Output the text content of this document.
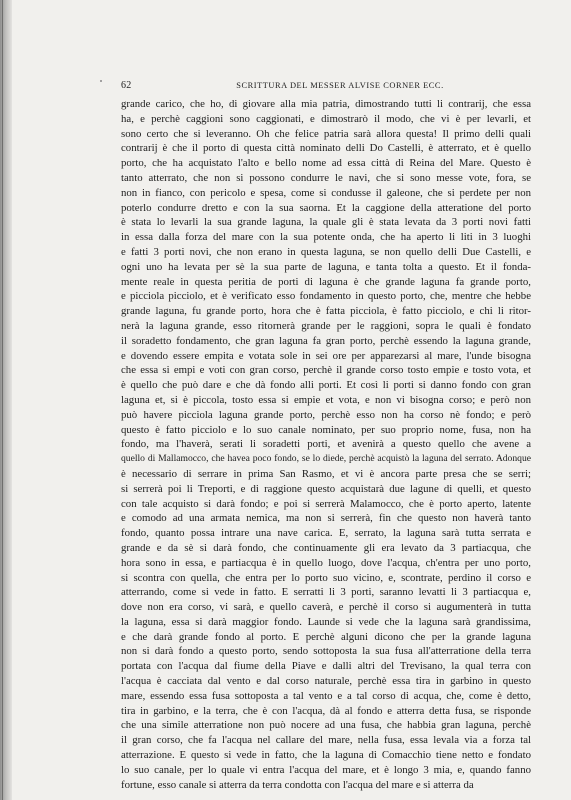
62	SCRITTURA DEL MESSER ALVISE CORNER ECC.
grande carico, che ho, di giovare alla mia patria, dimostrando tutti li contrarij, che essa
ha, e perchè caggioni sono caggionati, e dimostrarò il modo, che vi è per levarli, et
sono certo che si leveranno. Oh che felice patria sarà allora questa! Il primo delli quali
contrarij è che il porto di questa città nominato delli Do Castelli, è atterrato, et è quello
porto, che ha acquistato l'alto e bello nome ad essa città di Reina del Mare. Questo è
tanto atterrato, che non si possono condurre le navi, che si sono messe vote, fora, se
non in fianco, con pericolo e spesa, come si condusse il galeone, che si perdete per non
poterlo condurre dretto e con la sua saorna. Et la caggione della atteratione del porto
è stata lo levarli la sua grande laguna, la quale gli è stata levata da 3 porti novi fatti
in essa dalla forza del mare con la sua potente onda, che ha aperto li liti in 3 luoghi
e fatti 3 porti novi, che non erano in questa laguna, se non quello delli Due Castelli, e
ogni uno ha levata per sè la sua parte de laguna, e tanta tolta a questo. Et il fonda-
mente reale in questa peritia de porti di laguna è che grande laguna fa grande porto,
e picciola picciolo, et è verificato esso fondamento in questo porto, che, mentre che hebbe
grande laguna, fu grande porto, hora che è fatta picciola, è fatto picciolo, e chi li ritor-
nerà la laguna grande, esso ritornerà grande per le raggioni, sopra le quali è fondato
il soradetto fondamento, che gran laguna fa gran porto, perchè essendo la laguna grande,
e dovendo essere empita e votata sole in sei ore per apparezarsi al mare, l'unde bisogna
che essa si empi e voti con gran corso, perchè il grande corso tosto empie e tosto vota, et
è quello che può dare e che dà fondo alli porti. Et così li porti si danno fondo con gran
laguna et, si è piccola, tosto essa si empie et vota, e non vi bisogna corso; e però non
può havere picciola laguna grande porto, perchè esso non ha corso nè fondo; e però
questo è fatto picciolo e lo suo canale nominato, per suo proprio nome, fusa, non ha
fondo, ma l'haverà, serati li soradetti porti, et avenirà a questo quello che avene a
quello di Mallamocco, che havea poco fondo, se lo diede, perchè acquistò la laguna del serrato. Adonque
è necessario di serrare in prima San Rasmo, et vi è ancora parte presa che se serri;
si serrerà poi li Treporti, e di raggione questo acquistarà due lagune di quelli, et questo
con tale acquisto si darà fondo; e poi si serrerà Malamocco, che è porto aperto, latente
e comodo ad una armata nemica, ma non si serrerà, fin che questo non haverà tanto
fondo, quanto possa intrare una nave carica. E, serrato, la laguna sarà tutta serrata e
grande e da sè si darà fondo, che continuamente gli era levato da 3 partiacqua, che
hora sono in essa, e partiacqua è in quello luogo, dove l'acqua, ch'entra per uno porto,
si scontra con quella, che entra per lo porto suo vicino, e, scontrate, perdino il corso e
atterrando, come si vede in fatto. E serratti li 3 porti, saranno levatti li 3 partiacqua e,
dove non era corso, vi sarà, e quello caverà, e perchè il corso si augumenterà in tutta
la laguna, essa si darà maggior fondo. Launde si vede che la laguna sarà grandissima,
e che darà grande fondo al porto. E perchè alguni dicono che per la grande laguna
non si darà fondo a questo porto, sendo sottoposta la sua fusa all'atterratione della terra
portata con l'acqua dal fiume della Piave e dalli altri del Trevisano, la qual terra con
l'acqua è cacciata dal vento e dal corso naturale, perchè essa tira in garbino in questo
mare, essendo essa fusa sottoposta a tal vento e a tal corso di acqua, che, come è detto,
tira in garbino, e la terra, che è con l'acqua, dà al fondo e atterra detta fusa, se risponde
che una simile atterratione non può nocere ad una fusa, che habbia gran laguna, perchè
il gran corso, che fa l'acqua nel callare del mare, nella fusa, essa levala via a forza tal
atterrazione. E questo si vede in fatto, che la laguna di Comacchio tiene netto e fondato
lo suo canale, per lo quale vi entra l'acqua del mare, et è longo 3 mia, e, quando fanno
fortune, esso canale si atterra da terra condotta con l'acqua del mare e si atterra da
